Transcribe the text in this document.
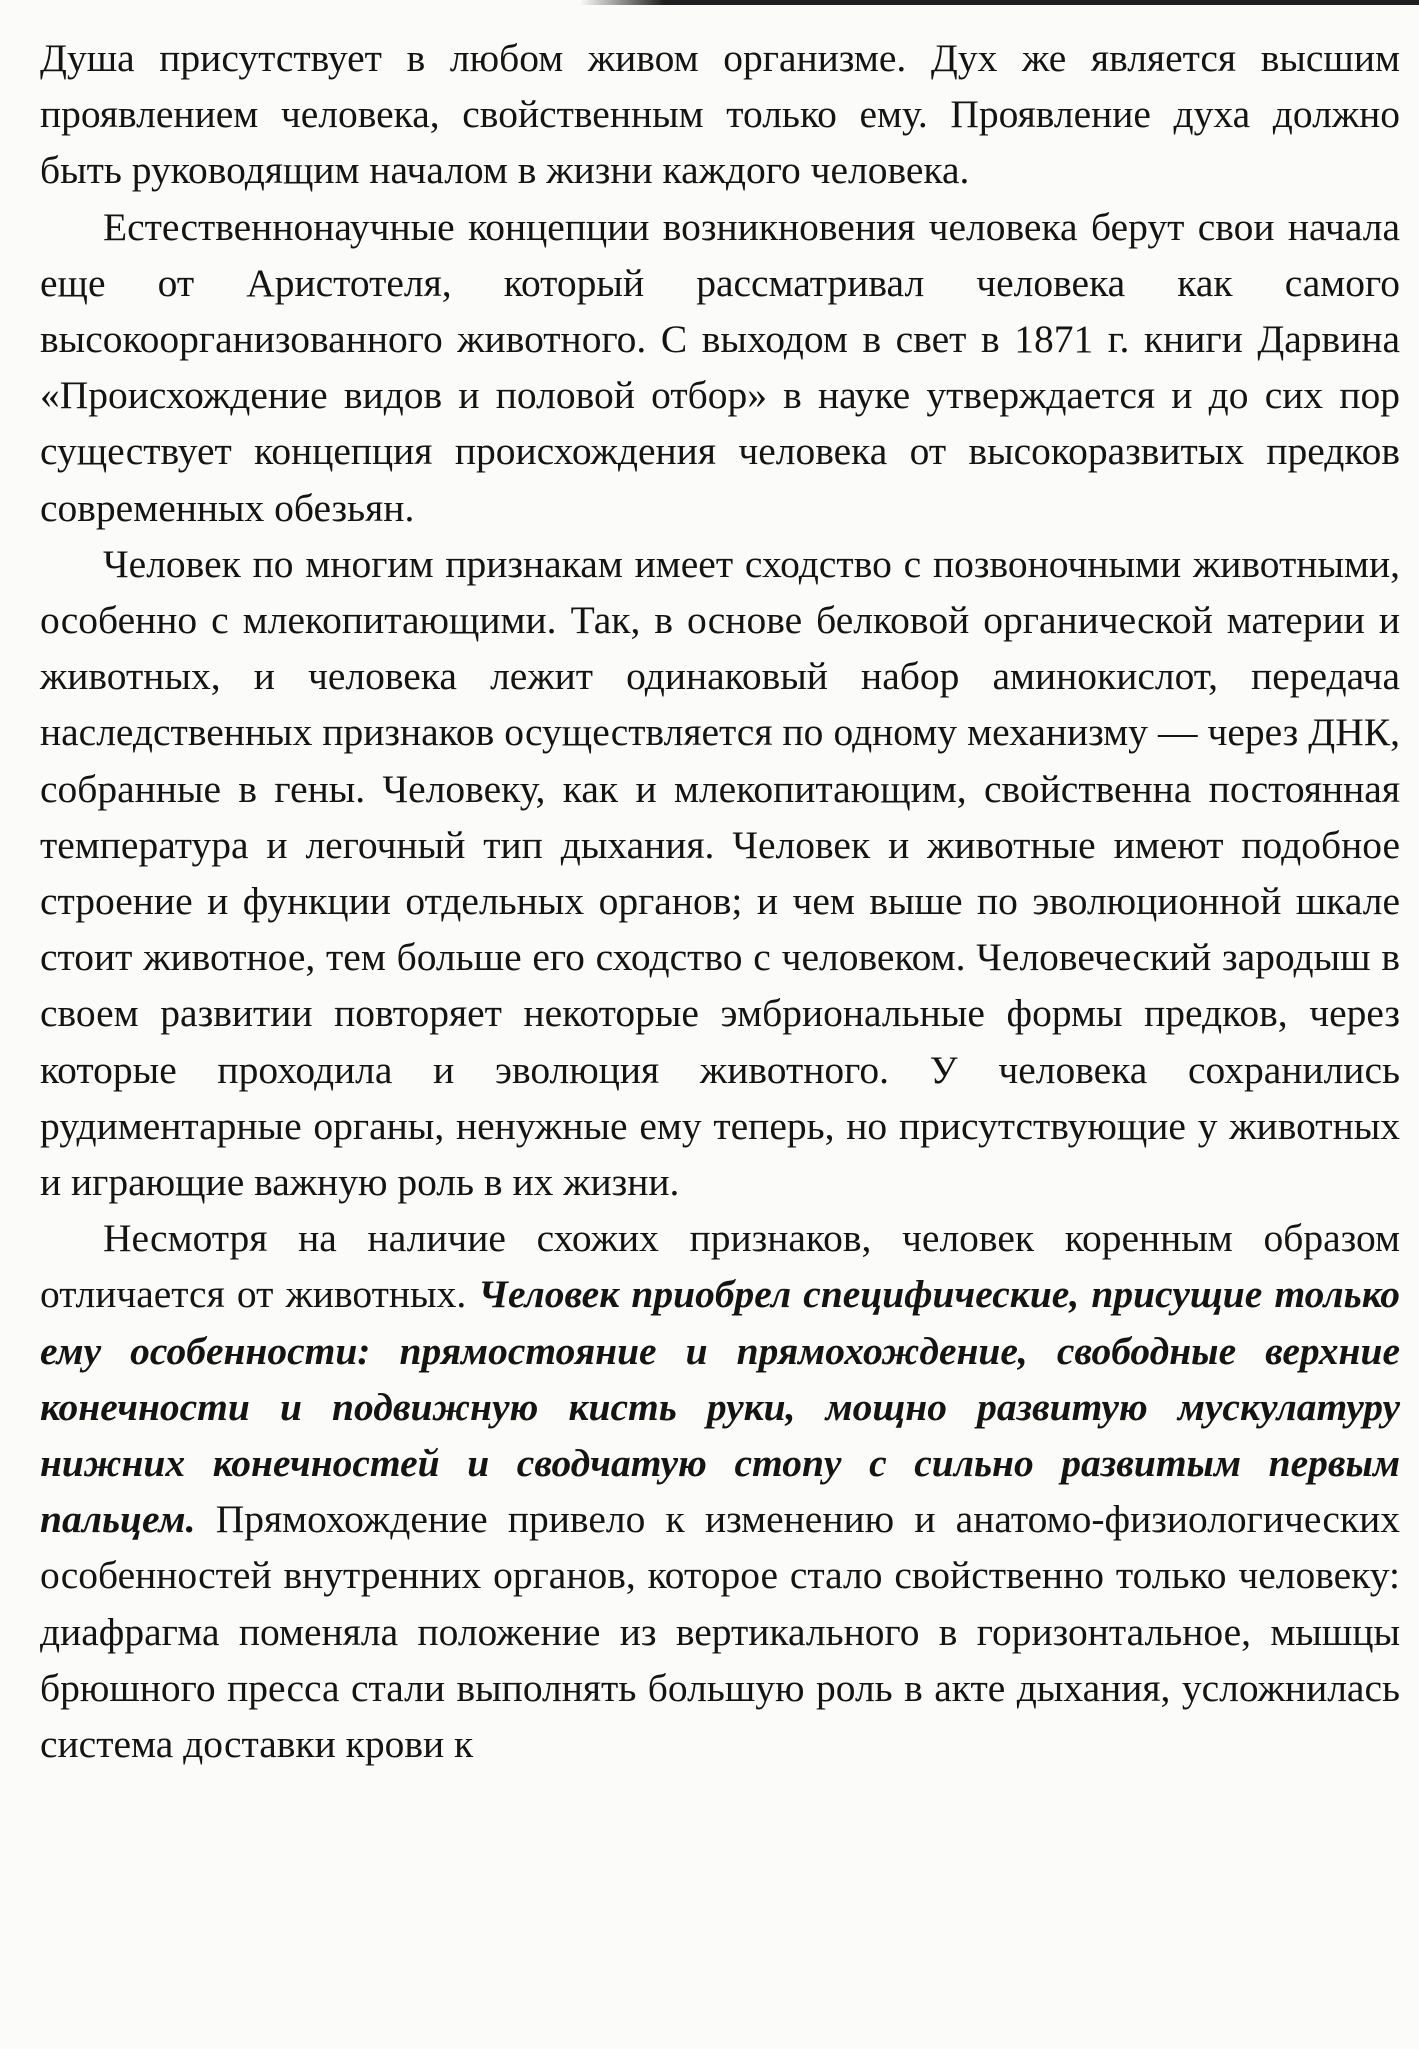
Душа присутствует в любом живом организме. Дух же является высшим проявлением человека, свойственным только ему. Проявление духа должно быть руководящим началом в жизни каждого человека.

Естественнонаучные концепции возникновения человека берут свои начала еще от Аристотеля, который рассматривал человека как самого высокоорганизованного животного. С выходом в свет в 1871 г. книги Дарвина «Происхождение видов и половой отбор» в науке утверждается и до сих пор существует концепция происхождения человека от высокоразвитых предков современных обезьян.

Человек по многим признакам имеет сходство с позвоночными животными, особенно с млекопитающими. Так, в основе белковой органической материи и животных, и человека лежит одинаковый набор аминокислот, передача наследственных признаков осуществляется по одному механизму — через ДНК, собранные в гены. Человеку, как и млекопитающим, свойственна постоянная температура и легочный тип дыхания. Человек и животные имеют подобное строение и функции отдельных органов; и чем выше по эволюционной шкале стоит животное, тем больше его сходство с человеком. Человеческий зародыш в своем развитии повторяет некоторые эмбриональные формы предков, через которые проходила и эволюция животного. У человека сохранились рудиментарные органы, ненужные ему теперь, но присутствующие у животных и играющие важную роль в их жизни.

Несмотря на наличие схожих признаков, человек коренным образом отличается от животных. Человек приобрел специфические, присущие только ему особенности: прямостояние и прямохождение, свободные верхние конечности и подвижную кисть руки, мощно развитую мускулатуру нижних конечностей и сводчатую стопу с сильно развитым первым пальцем. Прямохождение привело к изменению и анатомо-физиологических особенностей внутренних органов, которое стало свойственно только человеку: диафрагма поменяла положение из вертикального в горизонтальное, мышцы брюшного пресса стали выполнять большую роль в акте дыхания, усложнилась система доставки крови к
